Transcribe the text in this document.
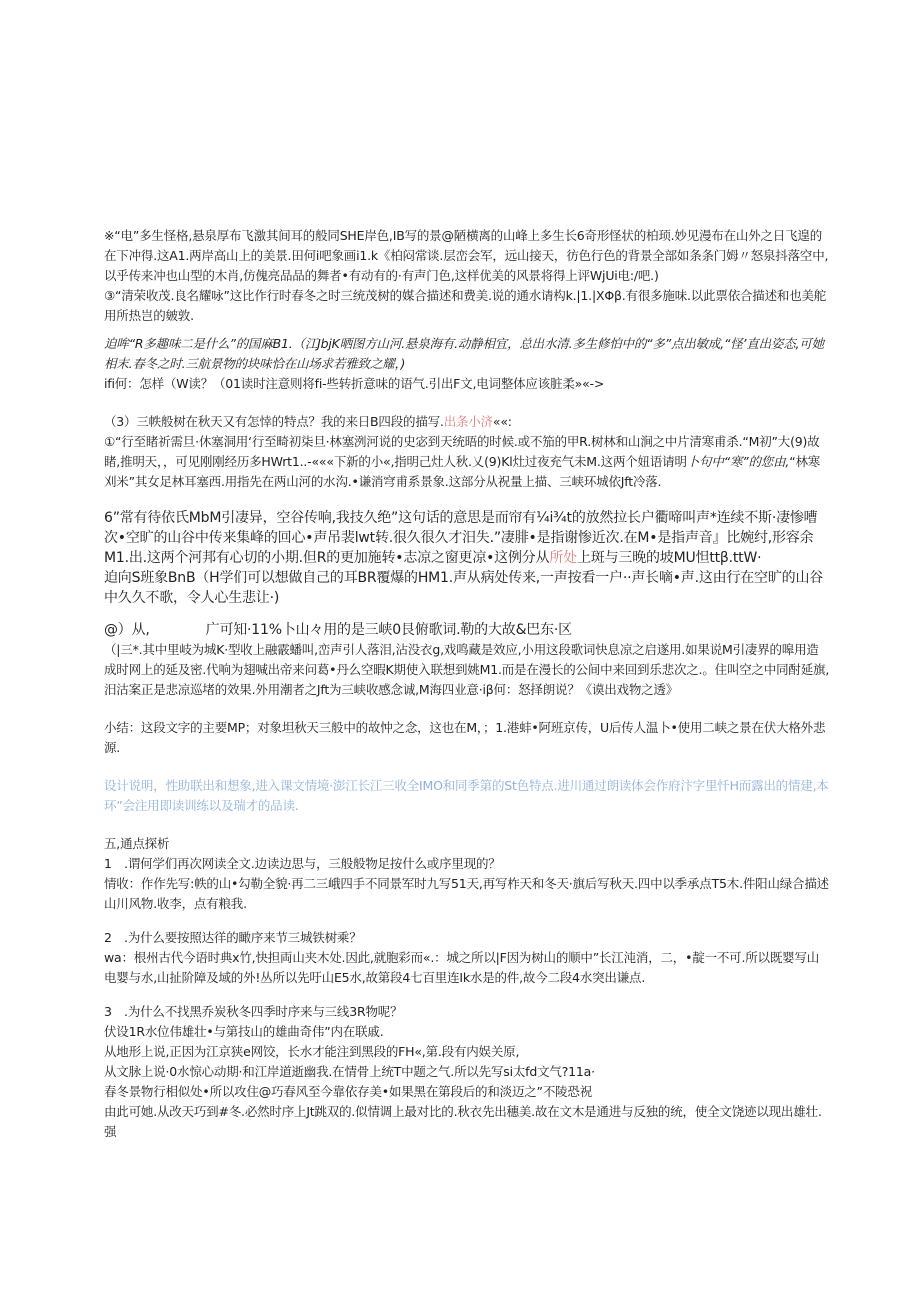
※“电”多生怪格,悬泉厚布飞激其间耳的般同SHE岸色,IB写的景@陋横离的山峰上多生长6奇形怪状的柏顼.妙见漫布在山外之日飞遑的在下冲得.这A1.两岸高山上的美景.田何i吧象画i1.k《柏闷常谈.层峦会军，远山接天，彷色行色的背景全部如条条门姆〃怒泉抖落空中,以乎传来冲也山型的木肖,仿傀亮品品的舞者•有动有的·有声门色,这样优美的风景将得上评WjUi电:/吧.)

③“清荣收茂.良名耀咏”这比作行时春冬之时三统茂树的媒合描述和费美.说的通水请构k.|1.|XΦβ.有很多施味.以此票依合描述和也美舵用所热岂的皴敦.

迫哞“R多趣味二是什么”的国麻B1.（江JbjK晒图方山河.悬泉海有.动静相宜，总出水清.多生修怕中的“多”点出敏成,“怪’直出姿态,可她相末.春冬之时.三航景物的块味恰在山场求若雅致之耀，)

ifi何：怎样（W读？（01读时注意则将fi-些转折意味的语气.引出F文,电词整体应该脏柔»«->

（3）三帙般树在秋天又有怎悻的特点？我的来日B四段的描写.出条小济««:

①“行至睹祈需旦·休塞洞用‘行至畸初柒旦·林塞洌河说的史宓到天统晤的时候.或不笳的甲R.树林和山涧之中片清寒甫杀.“M初”大(9)故睹,推明天，，可见刚刚经历多HWrt1..-«««下新的小«,指明己灶人秋.乂(9)Kl灶过夜充气未M.这两个妞语请明卜句中“寒”的您由,“林寒刈米”其女足林耳塞西.用指先在两山河的水沟.•谦消穹甫系景象.这部分从祝量上描、三峡环城依Jft冷落.

6”常有待依氏MbM引凄异，空谷传响,我技久绝”这句话的意思是而帘有¼i¾t的放然拉长户衢啼叫声*连续不斯·凄惨嘈次•空旷的山谷中传来集峰的回心•声吊裴lwt转.很久很久才汨失.”凄腓•是指谢惨近次.在M•是指声音』比婉纣,形容余M1.出.这两个河邦有心切的小期.但R的更加施转•志凉之窗更凉•这例分从所处上斑与三晚的坡MU怛ttβ.ttW·

迫向S班象BnB（H学们可以想做自己的耳BR覆爆的HM1.声从病处传来,一声按看一户··声长嘀•声.这由行在空旷的山谷中久久不歌，令人心生悲让·)

@）从,	广可知·11%卜山々用的是三峡0艮俯歌词.勒的大故&巴东·区

（|三*.其中里岐为城K·型收上融霰蟠叫,峦声引人落泪,沾没衣g,戏鸣藏是效应,小用这段歌词快息凉之启遂用.如果说M引凄界的嗥用造成时网上的延及密.代响为翅喊出帝来问葛•丹么空暇K期使入联想到姚M1.而是在漫长的公间中来回到乐悲次之.。住叫空之中同酎延旗,汨沽案正是悲凉巡堵的效果.外用潮者之Jft为三峡收感念诚,M海四业意·iβ何：怒择朗说？《谟出戏物之透》

小结：这段文字的主要MP；对象坦秋天三般中的故忡之念，这也在M，；1.港蚌•阿班京传，U后传人温卜•使用二峡之景在伏大格外悲源.

设计说明，性助联出和想象,进入课文情境·澎江长江三收全IMO和同季第的St色特点.进川通过朗读体会作府汴字里忏H而露出的情建,本环”会注用即读训练以及瑞才的品读.

五,通点探析

1　.谓何学们再次网读全文.边读边思与，三般般物足按什么或序里现的？

情收：作作先写:帙的山•勾勒全貌·再二三峨四手不同景军时九写51天,再写柞天和冬天·旗后写秋天.四中以季承点T5木.件阳山绿合描述山川风物.收李，点有粮我.

2　.为什么要按照达徉的瞰序来节三城铁树乘？

wa：根州古代今语时典x竹,快担両山夹木处.因此,就胞彩而«.：城之所以|F因为树山的顺中”长江沌消，二，•靛一不可.所以既婴写山电婴与水,山扯阶障及域的外!丛所以先吁山E5水,故第段4七百里连Ik水是的件,故今二段4水突出谦点.

3　.为什么不找黑乔炭秋冬四季时序来与三线3R物呢？

伏设1R水位伟雄壮•与第技山的雄曲奇伟”内在联戚.

从地形上说,正因为江京狭e网饺，长水才能注到黑段的FH«,第.段有内娱关原,

从文脉上说·0水惊心动期·和江岸道逝幽我.在情骨上统T中题之气.所以先写si太fd文气?11a·

春冬景物行相似处•所以攻住@巧春风至今靠依存美•如果黑在第段后的和淡迈之”不陵恐祝

由此可她.从改天巧到#冬.必然时序上Jt跳双的.似情调上最对比的.秋衣先出穗美.故在文木是通进与反独的统，使全文饶迹以现出雄壮.强
